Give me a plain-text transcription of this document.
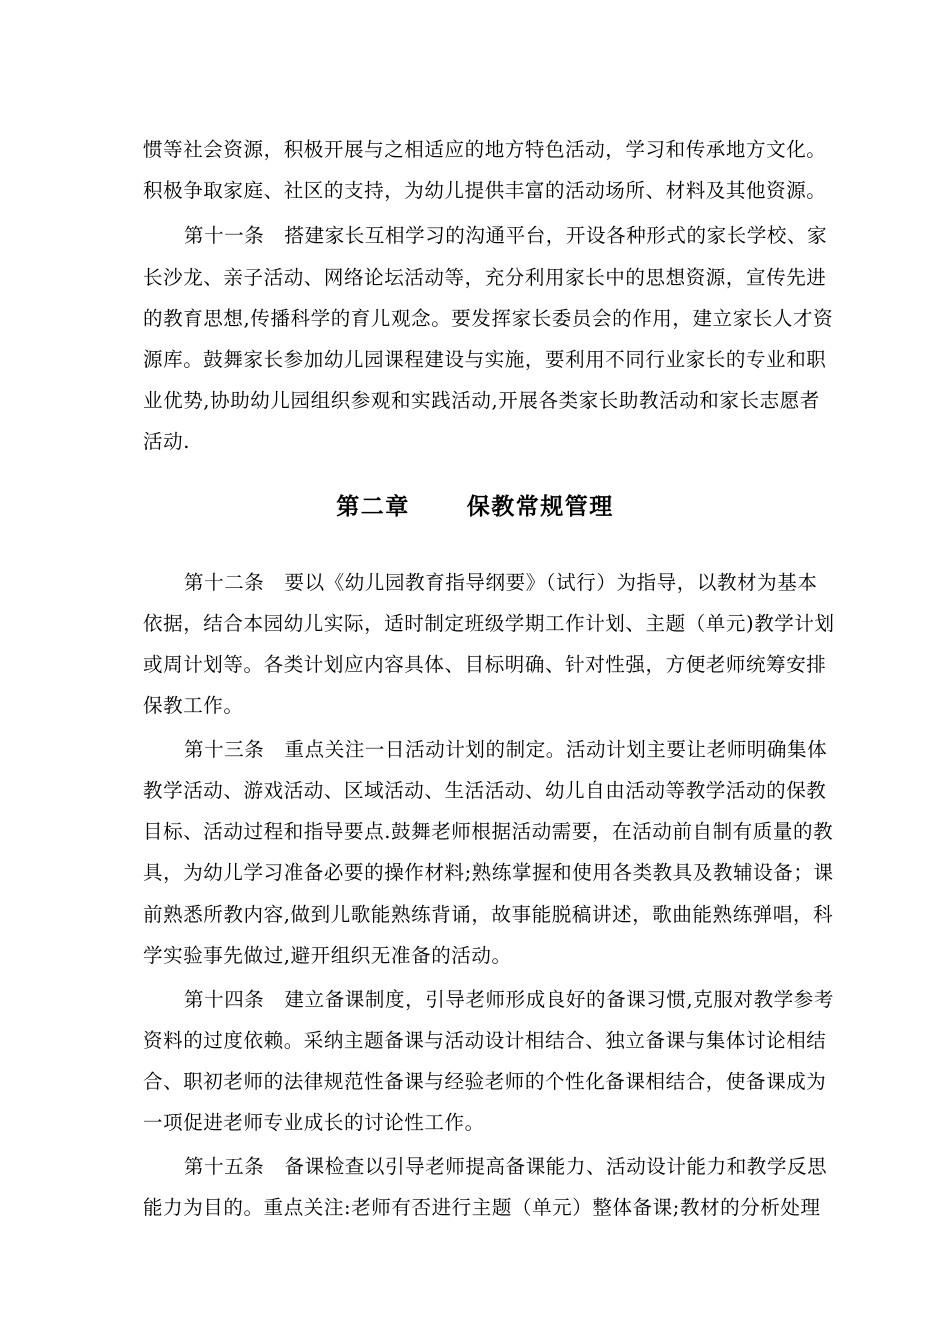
惯等社会资源，积极开展与之相适应的地方特色活动，学习和传承地方文化。
积极争取家庭、社区的支持，为幼儿提供丰富的活动场所、材料及其他资源。
第十一条　搭建家长互相学习的沟通平台，开设各种形式的家长学校、家
长沙龙、亲子活动、网络论坛活动等，充分利用家长中的思想资源，宣传先进
的教育思想,传播科学的育儿观念。要发挥家长委员会的作用，建立家长人才资
源库。鼓舞家长参加幼儿园课程建设与实施，要利用不同行业家长的专业和职
业优势,协助幼儿园组织参观和实践活动,开展各类家长助教活动和家长志愿者
活动.
第二章 保教常规管理
第十二条　要以《幼儿园教育指导纲要》（试行）为指导，以教材为基本
依据，结合本园幼儿实际，适时制定班级学期工作计划、主题（单元)教学计划
或周计划等。各类计划应内容具体、目标明确、针对性强，方便老师统筹安排
保教工作。
第十三条　重点关注一日活动计划的制定。活动计划主要让老师明确集体
教学活动、游戏活动、区域活动、生活活动、幼儿自由活动等教学活动的保教
目标、活动过程和指导要点.鼓舞老师根据活动需要，在活动前自制有质量的教
具，为幼儿学习准备必要的操作材料;熟练掌握和使用各类教具及教辅设备；课
前熟悉所教内容,做到儿歌能熟练背诵，故事能脱稿讲述，歌曲能熟练弹唱，科
学实验事先做过,避开组织无准备的活动。
第十四条　建立备课制度，引导老师形成良好的备课习惯,克服对教学参考
资料的过度依赖。采纳主题备课与活动设计相结合、独立备课与集体讨论相结
合、职初老师的法律规范性备课与经验老师的个性化备课相结合，使备课成为
一项促进老师专业成长的讨论性工作。
第十五条　备课检查以引导老师提高备课能力、活动设计能力和教学反思
能力为目的。重点关注:老师有否进行主题（单元）整体备课;教材的分析处理
